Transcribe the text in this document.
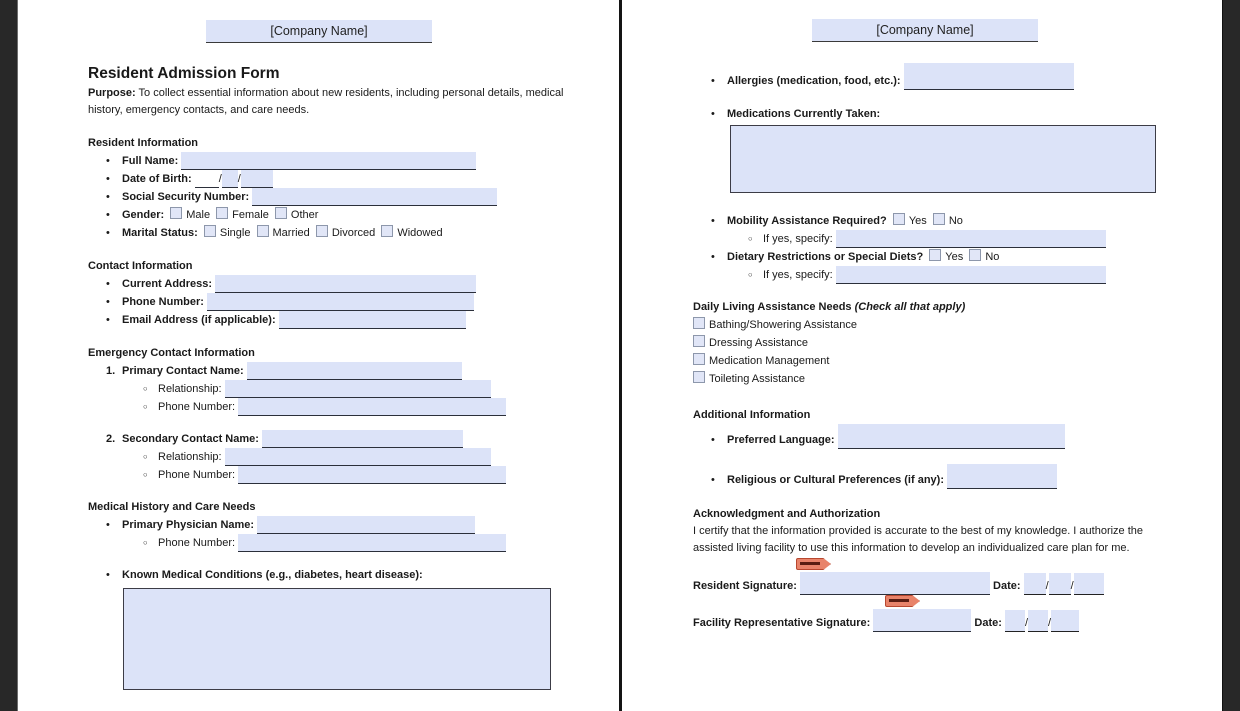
[Company Name]
Resident Admission Form
Purpose: To collect essential information about new residents, including personal details, medical history, emergency contacts, and care needs.
Resident Information
• Full Name:
• Date of Birth: / /
• Social Security Number:
• Gender: Male Female Other
• Marital Status: Single Married Divorced Widowed
Contact Information
• Current Address:
• Phone Number:
• Email Address (if applicable):
Emergency Contact Information
1. Primary Contact Name:
○ Relationship:
○ Phone Number:
2. Secondary Contact Name:
○ Relationship:
○ Phone Number:
Medical History and Care Needs
• Primary Physician Name:
○ Phone Number:
• Known Medical Conditions (e.g., diabetes, heart disease):
[Company Name]
• Allergies (medication, food, etc.):
• Medications Currently Taken:
• Mobility Assistance Required? Yes No
○ If yes, specify:
• Dietary Restrictions or Special Diets? Yes No
○ If yes, specify:
Daily Living Assistance Needs (Check all that apply)
Bathing/Showering Assistance
Dressing Assistance
Medication Management
Toileting Assistance
Additional Information
• Preferred Language:
• Religious or Cultural Preferences (if any):
Acknowledgment and Authorization
I certify that the information provided is accurate to the best of my knowledge. I authorize the assisted living facility to use this information to develop an individualized care plan for me.
Resident Signature:	Date: / /
Facility Representative Signature:	Date: / /
